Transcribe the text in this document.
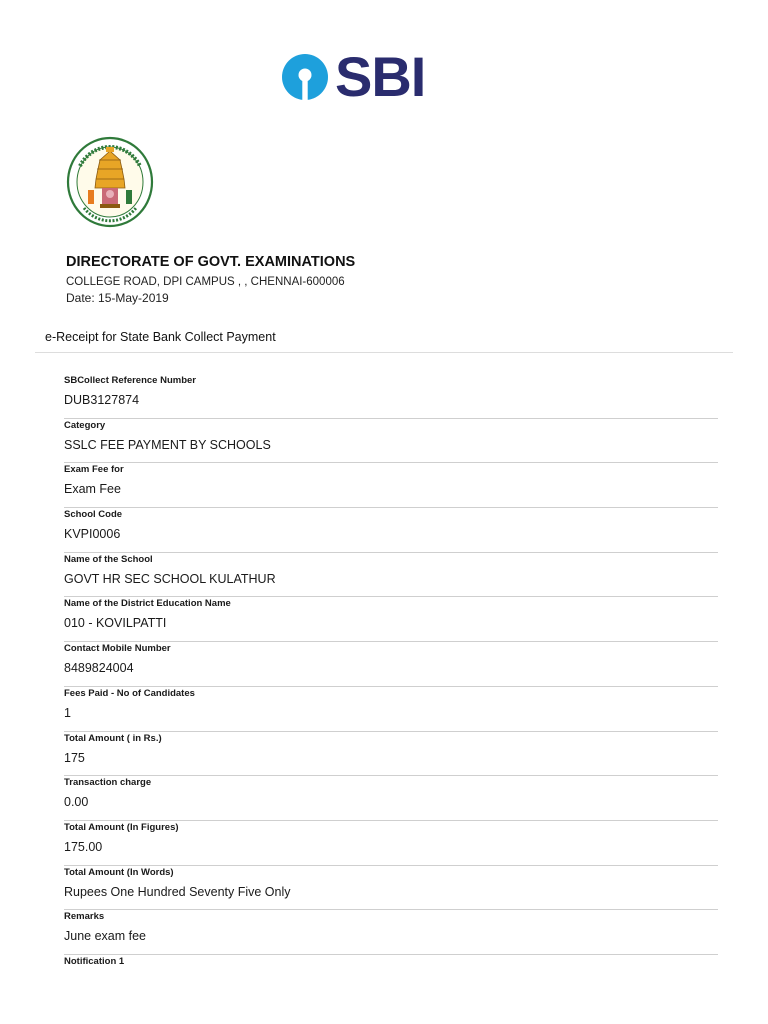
SBI
DIRECTORATE OF GOVT. EXAMINATIONS
COLLEGE ROAD, DPI CAMPUS , , CHENNAI-600006
Date: 15-May-2019
e-Receipt for State Bank Collect Payment
SBCollect Reference Number
DUB3127874
Category
SSLC FEE PAYMENT BY SCHOOLS
Exam Fee for
Exam Fee
School Code
KVPI0006
Name of the School
GOVT HR SEC SCHOOL KULATHUR
Name of the District Education Name
010 - KOVILPATTI
Contact Mobile Number
8489824004
Fees Paid - No of Candidates
1
Total Amount ( in Rs.)
175
Transaction charge
0.00
Total Amount (In Figures)
175.00
Total Amount (In Words)
Rupees One Hundred Seventy Five Only
Remarks
June exam fee
Notification 1
